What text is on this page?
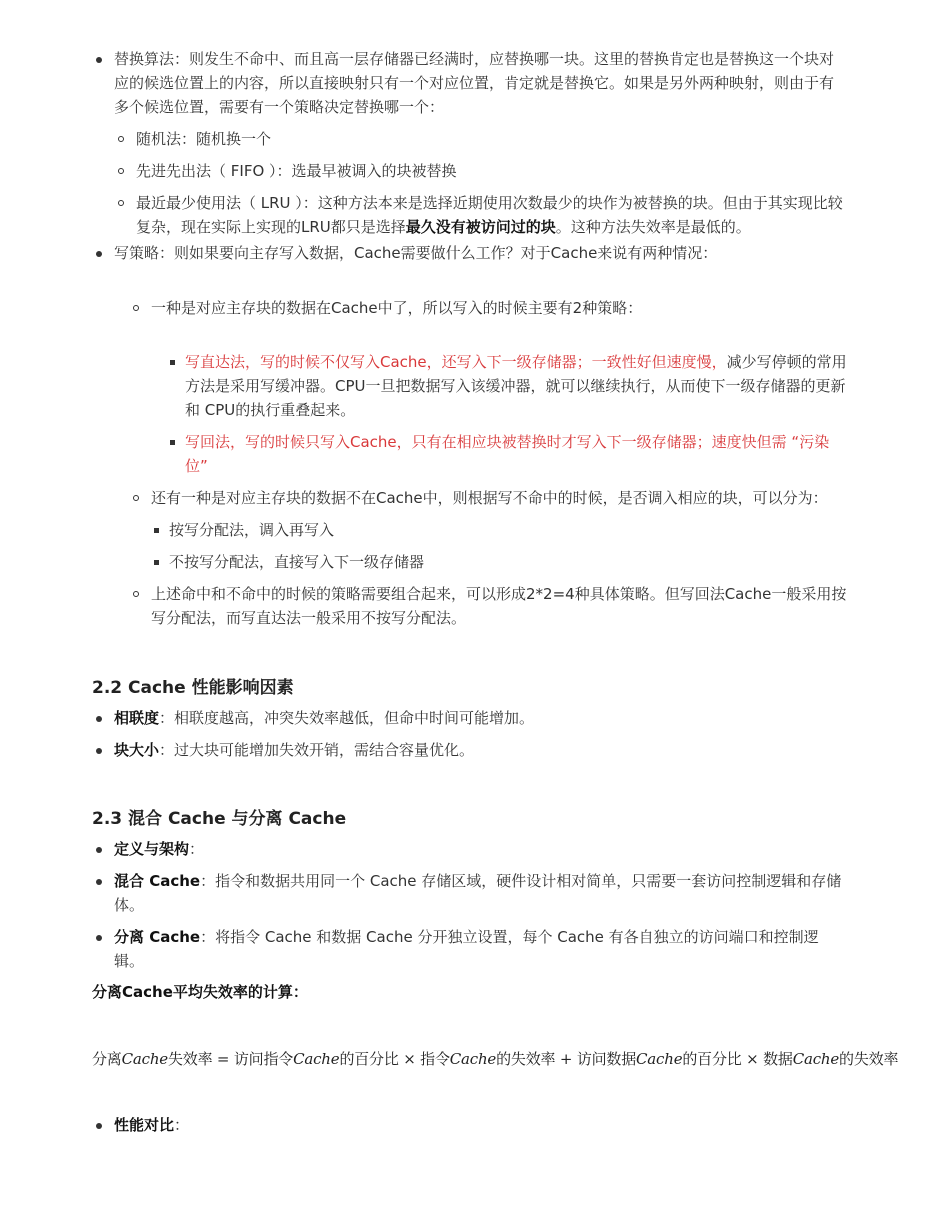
替换算法：则发生不命中、而且高一层存储器已经满时，应替换哪一块。这里的替换肯定也是替换这一个块对应的候选位置上的内容，所以直接映射只有一个对应位置，肯定就是替换它。如果是另外两种映射，则由于有多个候选位置，需要有一个策略决定替换哪一个：
随机法：随机换一个
先进先出法（ FIFO ）：选最早被调入的块被替换
最近最少使用法（ LRU ）：这种方法本来是选择近期使用次数最少的块作为被替换的块。但由于其实现比较复杂，现在实际上实现的LRU都只是选择最久没有被访问过的块。这种方法失效率是最低的。
写策略：则如果要向主存写入数据，Cache需要做什么工作？对于Cache来说有两种情况：
一种是对应主存块的数据在Cache中了，所以写入的时候主要有2种策略：
写直达法，写的时候不仅写入Cache，还写入下一级存储器；一致性好但速度慢，减少写停顿的常用方法是采用写缓冲器。CPU一旦把数据写入该缓冲器，就可以继续执行，从而使下一级存储器的更新和 CPU的执行重叠起来。
写回法，写的时候只写入Cache，只有在相应块被替换时才写入下一级存储器；速度快但需 “污染位”
还有一种是对应主存块的数据不在Cache中，则根据写不命中的时候，是否调入相应的块，可以分为：
按写分配法，调入再写入
不按写分配法，直接写入下一级存储器
上述命中和不命中的时候的策略需要组合起来，可以形成2*2=4种具体策略。但写回法Cache一般采用按写分配法，而写直达法一般采用不按写分配法。
2.2 Cache 性能影响因素
相联度：相联度越高，冲突失效率越低，但命中时间可能增加。
块大小：过大块可能增加失效开销，需结合容量优化。
2.3 混合 Cache 与分离 Cache
定义与架构：
混合 Cache：指令和数据共用同一个 Cache 存储区域，硬件设计相对简单，只需要一套访问控制逻辑和存储体。
分离 Cache：将指令 Cache 和数据 Cache 分开独立设置，每个 Cache 有各自独立的访问端口和控制逻辑。
分离Cache平均失效率的计算：
分离Cache失效率 = 访问指令Cache的百分比 × 指令Cache的失效率 + 访问数据Cache的百分比 × 数据Cache的失效率
性能对比：
